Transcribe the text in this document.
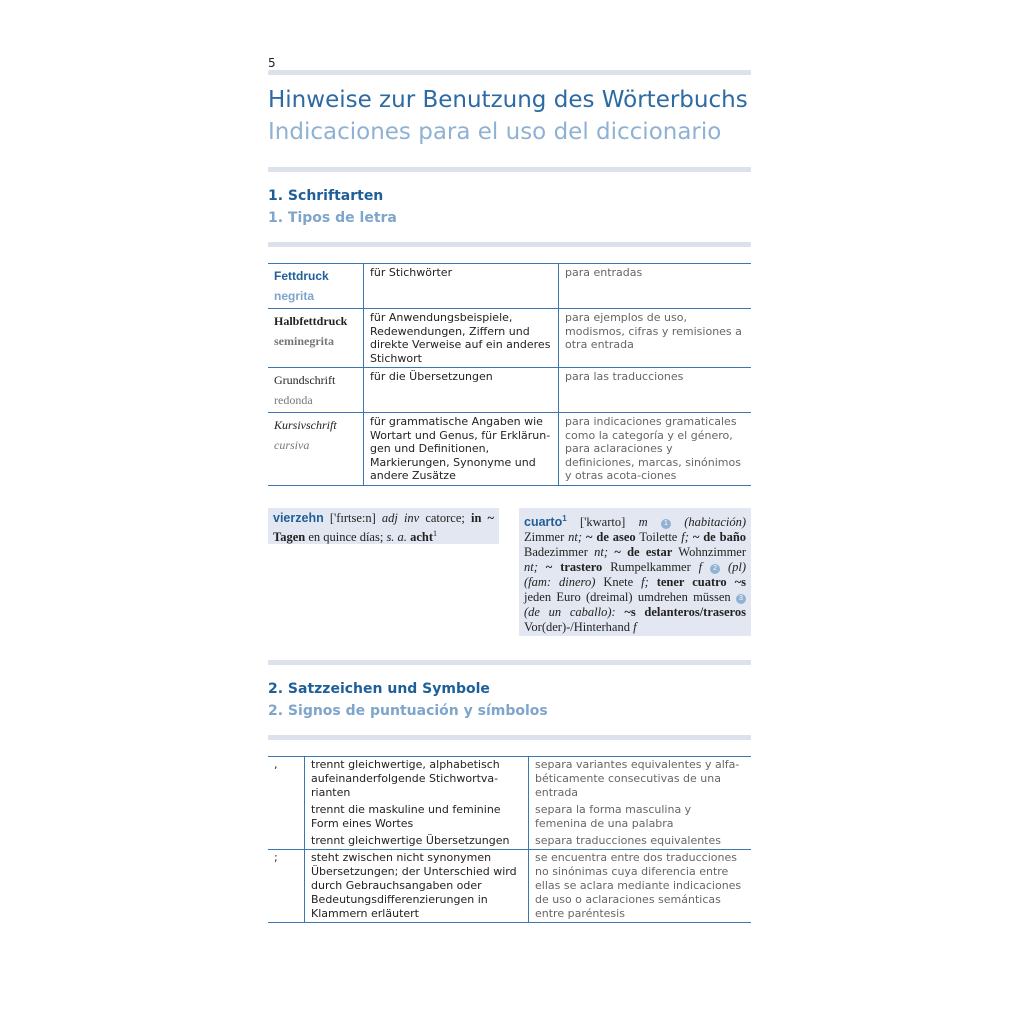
5
Hinweise zur Benutzung des Wörterbuchs
Indicaciones para el uso del diccionario
1. Schriftarten
1. Tipos de letra
Fettdruck
negrita	für Stichwörter	para entradas

Halbfettdruck
seminegrita	für Anwendungsbeispiele, Redewendungen, Ziffern und direkte Verweise auf ein anderes Stichwort	para ejemplos de uso, modismos, cifras y remisiones a otra entrada

Grundschrift
redonda	für die Übersetzungen	para las traducciones

Kursivschrift
cursiva	für grammatische Angaben wie Wortart und Genus, für Erklärun-gen und Definitionen, Markierungen, Synonyme und andere Zusätze	para indicaciones gramaticales como la categoría y el género, para aclaraciones y definiciones, marcas, sinónimos y otras acota-ciones
vierzehn ['fɪrtse:n] adj inv catorce; in ~ Tagen en quince días; s. a. acht$^1$
cuarto$^1$ ['kwarto] m 1 (habitación) Zimmer nt; ~ de aseo Toilette f; ~ de baño Badezimmer nt; ~ de estar Wohnzimmer nt; ~ trastero Rumpelkammer f 2 (pl) (fam: dinero) Knete f; tener cuatro ~s jeden Euro (dreimal) umdrehen müssen 3 (de un caballo): ~s delanteros/traseros Vor(der)-/Hinterhand f
2. Satzzeichen und Symbole
2. Signos de puntuación y símbolos
,	trennt gleichwertige, alphabetisch aufeinanderfolgende Stichwortva-rianten	separa variantes equivalentes y alfa-béticamente consecutivas de una entrada
	trennt die maskuline und feminine Form eines Wortes	separa la forma masculina y femenina de una palabra
	trennt gleichwertige Übersetzungen	separa traducciones equivalentes
;	steht zwischen nicht synonymen Übersetzungen; der Unterschied wird durch Gebrauchsangaben oder Bedeutungsdifferenzierungen in Klammern erläutert	se encuentra entre dos traducciones no sinónimas cuya diferencia entre ellas se aclara mediante indicaciones de uso o aclaraciones semánticas entre paréntesis
